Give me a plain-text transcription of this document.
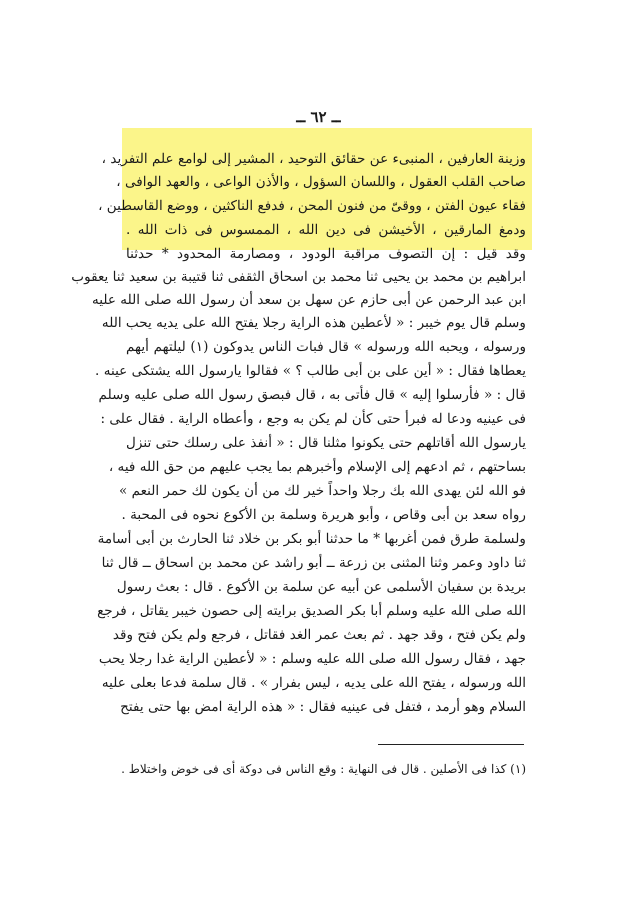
ــ ٦٢ ــ
وزينة العارفين ، المنبىء عن حقائق التوحيد ، المشير إلى لوامع علم التفريد ،
صاحب القلب العقول ، واللسان السؤول ، والأذن الواعى ، والعهد الوافى ،
فقاء عيون الفتن ، ووقىّ من فنون المحن ، فدفع الناكثين ، ووضع القاسطين ،
ودمغ المارقين ، الأخيشن فى دين الله ، الممسوس فى ذات الله .
وقد قيل : إن التصوف مراقبة الودود ، ومصارمة المحدود * حدثنا
ابراهيم بن محمد بن يحيى ثنا محمد بن اسحاق الثقفى ثنا قتيبة بن سعيد ثنا يعقوب
ابن عبد الرحمن عن أبى حازم عن سهل بن سعد أن رسول الله صلى الله عليه
وسلم قال يوم خيبر : « لأعطين هذه الراية رجلا يفتح الله على يديه يحب الله
ورسوله ، ويحبه الله ورسوله » قال فبات الناس يدوكون (١) ليلتهم أيهم
يعطاها فقال : « أين على بن أبى طالب ؟ » فقالوا يارسول الله يشتكى عينه .
قال : « فأرسلوا إليه » قال فأتى به ، قال فبصق رسول الله صلى عليه وسلم
فى عينيه ودعا له فبرأ حتى كأن لم يكن به وجع ، وأعطاه الراية . فقال على :
يارسول الله أقاتلهم حتى يكونوا مثلنا قال : « أنفذ على رسلك حتى تنزل
بساحتهم ، ثم ادعهم إلى الإسلام وأخبرهم بما يجب عليهم من حق الله فيه ،
فو الله لئن يهدى الله بك رجلا واحداً خير لك من أن يكون لك حمر النعم »
رواه سعد بن أبى وقاص ، وأبو هريرة وسلمة بن الأكوع نحوه فى المحبة .
ولسلمة طرق فمن أغربها * ما حدثنا أبو بكر بن خلاد ثنا الحارث بن أبى أسامة
ثنا داود وعمر وثنا المثنى بن زرعة ــ أبو راشد عن محمد بن اسحاق ــ قال ثنا
بريدة بن سفيان الأسلمى عن أبيه عن سلمة بن الأكوع . قال : بعث رسول
الله صلى الله عليه وسلم أبا بكر الصديق برايته إلى حصون خيبر يقاتل ، فرجع
ولم يكن فتح ، وقد جهد . ثم بعث عمر الغد فقاتل ، فرجع ولم يكن فتح وقد
جهد ، فقال رسول الله صلى الله عليه وسلم : « لأعطين الراية غدا رجلا يحب
الله ورسوله ، يفتح الله على يديه ، ليس بفرار » . قال سلمة فدعا بعلى عليه
السلام وهو أرمد ، فتفل فى عينيه فقال : « هذه الراية امض بها حتى يفتح
(١) كذا فى الأصلين . قال فى النهاية : وقع الناس فى دوكة أى فى خوض واختلاط .
